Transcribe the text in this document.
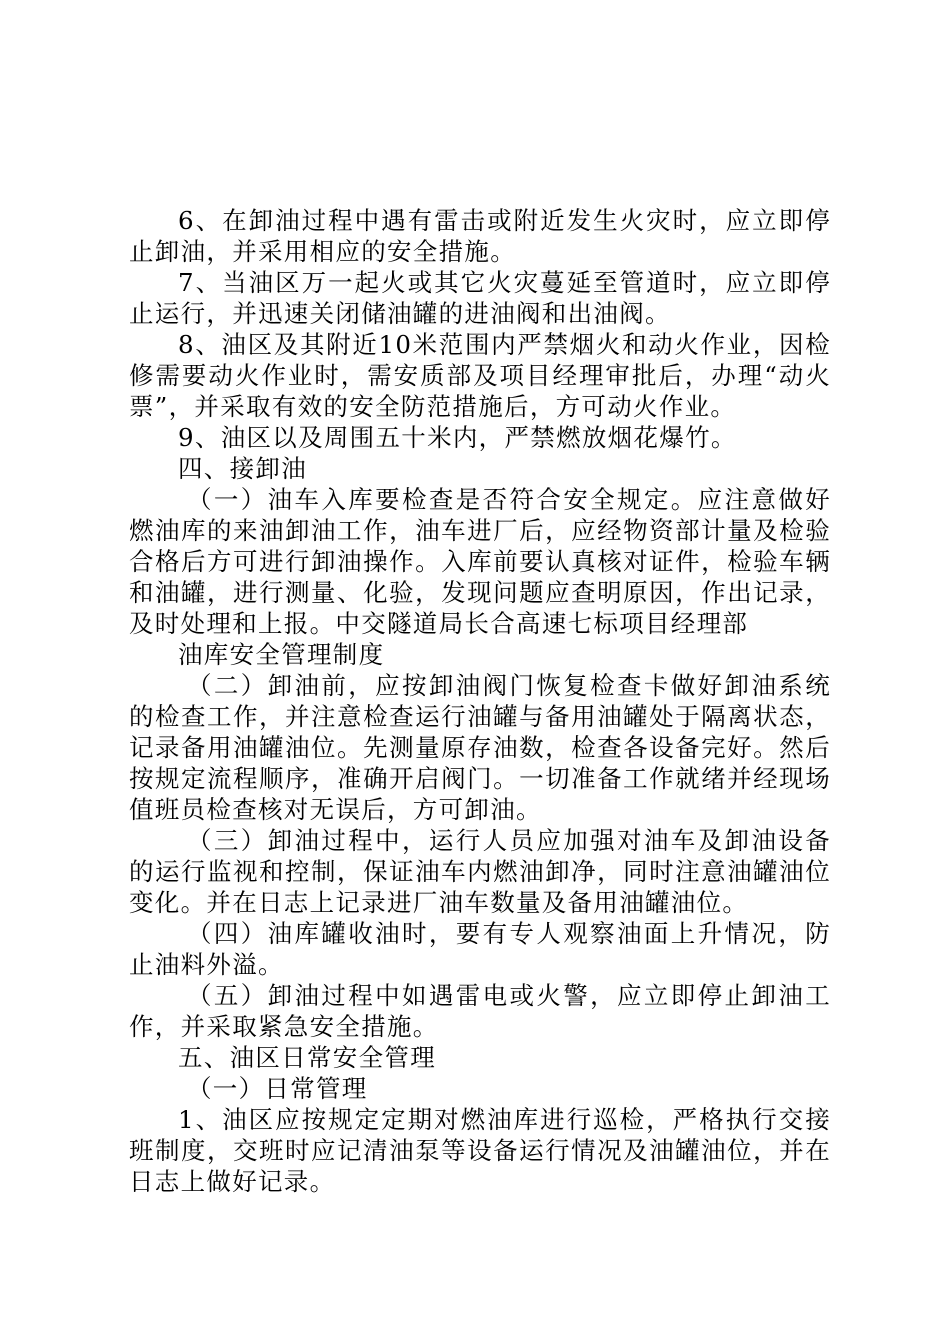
6、在卸油过程中遇有雷击或附近发生火灾时，应立即停止卸油，并采用相应的安全措施。

7、当油区万一起火或其它火灾蔓延至管道时，应立即停止运行，并迅速关闭储油罐的进油阀和出油阀。

8、油区及其附近10米范围内严禁烟火和动火作业，因检修需要动火作业时，需安质部及项目经理审批后，办理“动火票”，并采取有效的安全防范措施后，方可动火作业。

9、油区以及周围五十米内，严禁燃放烟花爆竹。

四、接卸油

（一）油车入库要检查是否符合安全规定。应注意做好燃油库的来油卸油工作，油车进厂后，应经物资部计量及检验合格后方可进行卸油操作。入库前要认真核对证件，检验车辆和油罐，进行测量、化验，发现问题应查明原因，作出记录，及时处理和上报。中交隧道局长合高速七标项目经理部

油库安全管理制度

（二）卸油前，应按卸油阀门恢复检查卡做好卸油系统的检查工作，并注意检查运行油罐与备用油罐处于隔离状态，记录备用油罐油位。先测量原存油数，检查各设备完好。然后按规定流程顺序，准确开启阀门。一切准备工作就绪并经现场值班员检查核对无误后，方可卸油。

（三）卸油过程中，运行人员应加强对油车及卸油设备的运行监视和控制，保证油车内燃油卸净，同时注意油罐油位变化。并在日志上记录进厂油车数量及备用油罐油位。

（四）油库罐收油时，要有专人观察油面上升情况，防止油料外溢。

（五）卸油过程中如遇雷电或火警，应立即停止卸油工作，并采取紧急安全措施。

五、油区日常安全管理

（一）日常管理

1、油区应按规定定期对燃油库进行巡检，严格执行交接班制度，交班时应记清油泵等设备运行情况及油罐油位，并在日志上做好记录。
